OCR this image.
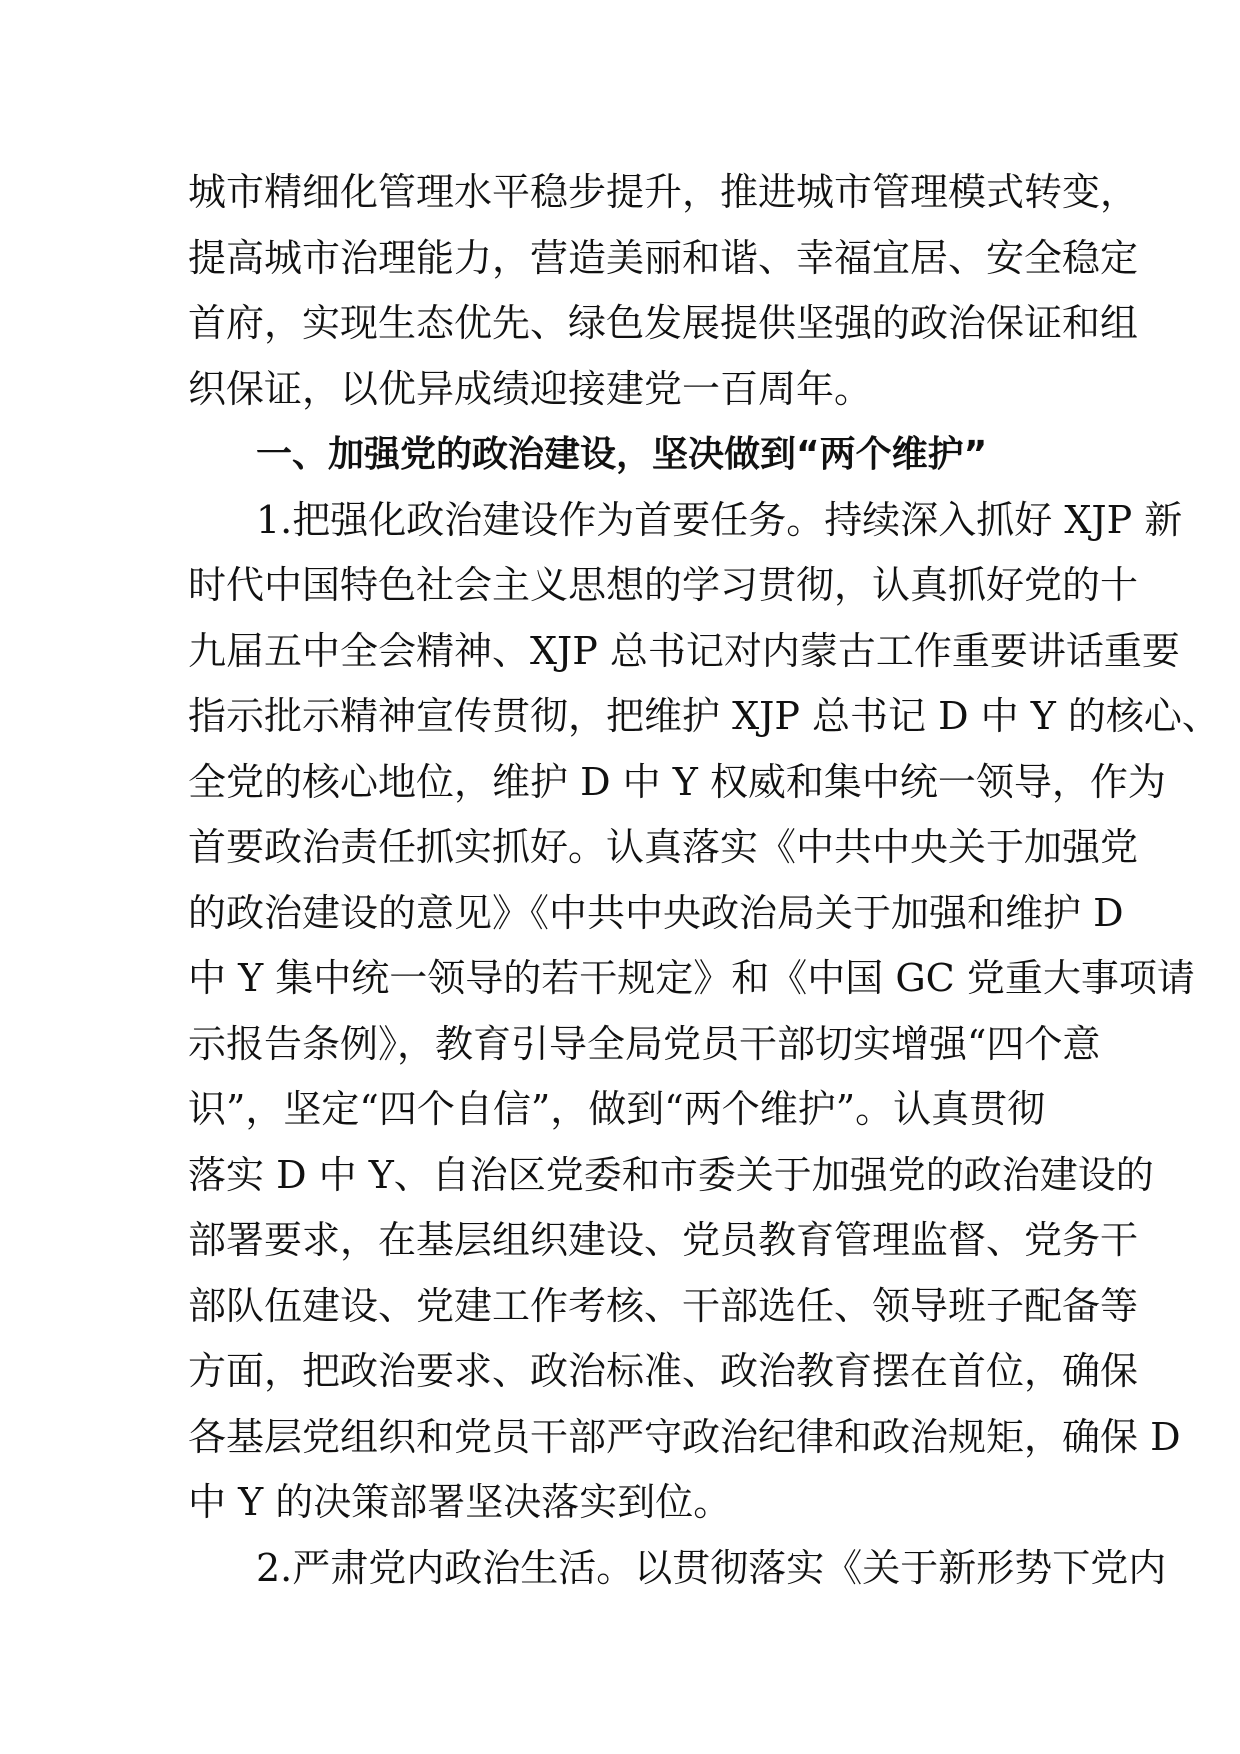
城市精细化管理水平稳步提升，推进城市管理模式转变，
提高城市治理能力，营造美丽和谐、幸福宜居、安全稳定
首府，实现生态优先、绿色发展提供坚强的政治保证和组
织保证，以优异成绩迎接建党一百周年。
一、加强党的政治建设，坚决做到“两个维护”
1.把强化政治建设作为首要任务。持续深入抓好 XJP 新
时代中国特色社会主义思想的学习贯彻，认真抓好党的十
九届五中全会精神、XJP 总书记对内蒙古工作重要讲话重要
指示批示精神宣传贯彻，把维护 XJP 总书记 D 中 Y 的核心、
全党的核心地位，维护 D 中 Y 权威和集中统一领导，作为
首要政治责任抓实抓好。认真落实《中共中央关于加强党
的政治建设的意见》《中共中央政治局关于加强和维护 D
中 Y 集中统一领导的若干规定》和《中国 GC 党重大事项请
示报告条例》，教育引导全局党员干部切实增强“四个意
识”，坚定“四个自信”，做到“两个维护”。认真贯彻
落实 D 中 Y、自治区党委和市委关于加强党的政治建设的
部署要求，在基层组织建设、党员教育管理监督、党务干
部队伍建设、党建工作考核、干部选任、领导班子配备等
方面，把政治要求、政治标准、政治教育摆在首位，确保
各基层党组织和党员干部严守政治纪律和政治规矩，确保 D
中 Y 的决策部署坚决落实到位。
2.严肃党内政治生活。以贯彻落实《关于新形势下党内
